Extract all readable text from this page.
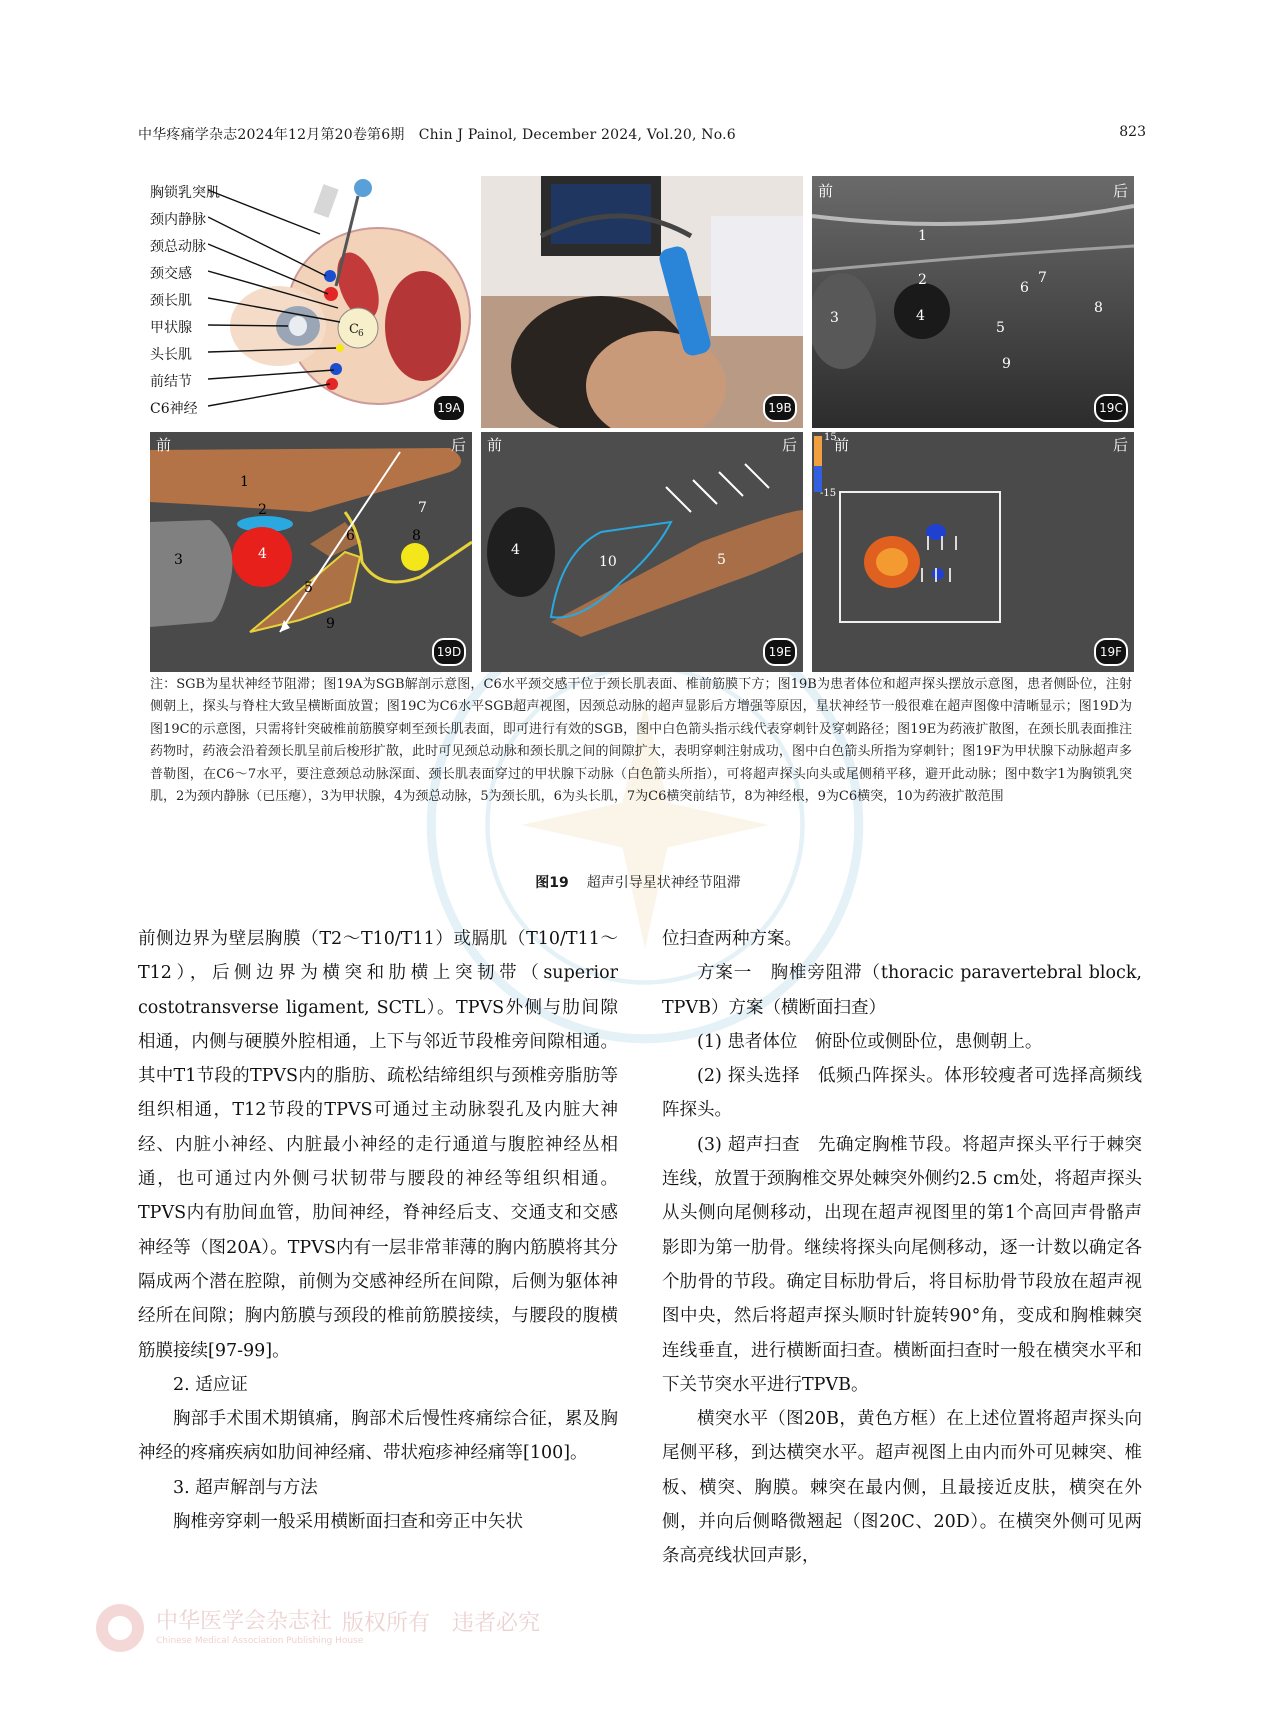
中华疼痛学杂志2024年12月第20卷第6期　Chin J Painol, December 2024, Vol.20, No.6	823
胸锁乳突肌
颈内静脉
颈总动脉
颈交感
颈长肌
甲状腺
头长肌
前结节
C6神经
C 6
19A	19B
前	后
1
2
3	4
5
6
7
8
9
19C
前	后
1
2
3	4
5
6
7
8
9
19D
前	后
4
10	5
19E
15
-15
前	后
19F
注：SGB为星状神经节阻滞；图19A为SGB解剖示意图，C6水平颈交感干位于颈长肌表面、椎前筋膜下方；图19B为患者体位和超声探头摆放示意图，患者侧卧位，注射侧朝上，探头与脊柱大致呈横断面放置；图19C为C6水平SGB超声视图，因颈总动脉的超声显影后方增强等原因，星状神经节一般很难在超声图像中清晰显示；图19D为图19C的示意图，只需将针突破椎前筋膜穿刺至颈长肌表面，即可进行有效的SGB，图中白色箭头指示线代表穿刺针及穿刺路径；图19E为药液扩散图，在颈长肌表面推注药物时，药液会沿着颈长肌呈前后梭形扩散，此时可见颈总动脉和颈长肌之间的间隙扩大，表明穿刺注射成功，图中白色箭头所指为穿刺针；图19F为甲状腺下动脉超声多普勒图，在C6～7水平，要注意颈总动脉深面、颈长肌表面穿过的甲状腺下动脉（白色箭头所指），可将超声探头向头或尾侧稍平移，避开此动脉；图中数字1为胸锁乳突肌，2为颈内静脉（已压瘪），3为甲状腺，4为颈总动脉，5为颈长肌，6为头长肌，7为C6横突前结节，8为神经根，9为C6横突，10为药液扩散范围
图19 超声引导星状神经节阻滞

前侧边界为壁层胸膜（T2～T10/T11）或膈肌（T10/T11～T12），后侧边界为横突和肋横上突韧带（superior costotransverse ligament, SCTL）。TPVS外侧与肋间隙相通，内侧与硬膜外腔相通，上下与邻近节段椎旁间隙相通。其中T1节段的TPVS内的脂肪、疏松结缔组织与颈椎旁脂肪等组织相通，T12节段的TPVS可通过主动脉裂孔及内脏大神经、内脏小神经、内脏最小神经的走行通道与腹腔神经丛相通，也可通过内外侧弓状韧带与腰段的神经等组织相通。TPVS内有肋间血管，肋间神经，脊神经后支、交通支和交感神经等（图20A）。TPVS内有一层非常菲薄的胸内筋膜将其分隔成两个潜在腔隙，前侧为交感神经所在间隙，后侧为躯体神经所在间隙；胸内筋膜与颈段的椎前筋膜接续，与腰段的腹横筋膜接续[97-99]。

2. 适应证

胸部手术围术期镇痛，胸部术后慢性疼痛综合征，累及胸神经的疼痛疾病如肋间神经痛、带状疱疹神经痛等[100]。

3. 超声解剖与方法

胸椎旁穿刺一般采用横断面扫查和旁正中矢状

位扫查两种方案。

方案一　胸椎旁阻滞（thoracic paravertebral block, TPVB）方案（横断面扫查）

(1) 患者体位　俯卧位或侧卧位，患侧朝上。

(2) 探头选择　低频凸阵探头。体形较瘦者可选择高频线阵探头。

(3) 超声扫查　先确定胸椎节段。将超声探头平行于棘突连线，放置于颈胸椎交界处棘突外侧约2.5 cm处，将超声探头从头侧向尾侧移动，出现在超声视图里的第1个高回声骨骼声影即为第一肋骨。继续将探头向尾侧移动，逐一计数以确定各个肋骨的节段。确定目标肋骨后，将目标肋骨节段放在超声视图中央，然后将超声探头顺时针旋转90°角，变成和胸椎棘突连线垂直，进行横断面扫查。横断面扫查时一般在横突水平和下关节突水平进行TPVB。

横突水平（图20B，黄色方框）在上述位置将超声探头向尾侧平移，到达横突水平。超声视图上由内而外可见棘突、椎板、横突、胸膜。棘突在最内侧，且最接近皮肤，横突在外侧，并向后侧略微翘起（图20C、20D）。在横突外侧可见两条高亮线状回声影，

中华医学会杂志社
Chinese Medical Association Publishing House
版权所有　违者必究
